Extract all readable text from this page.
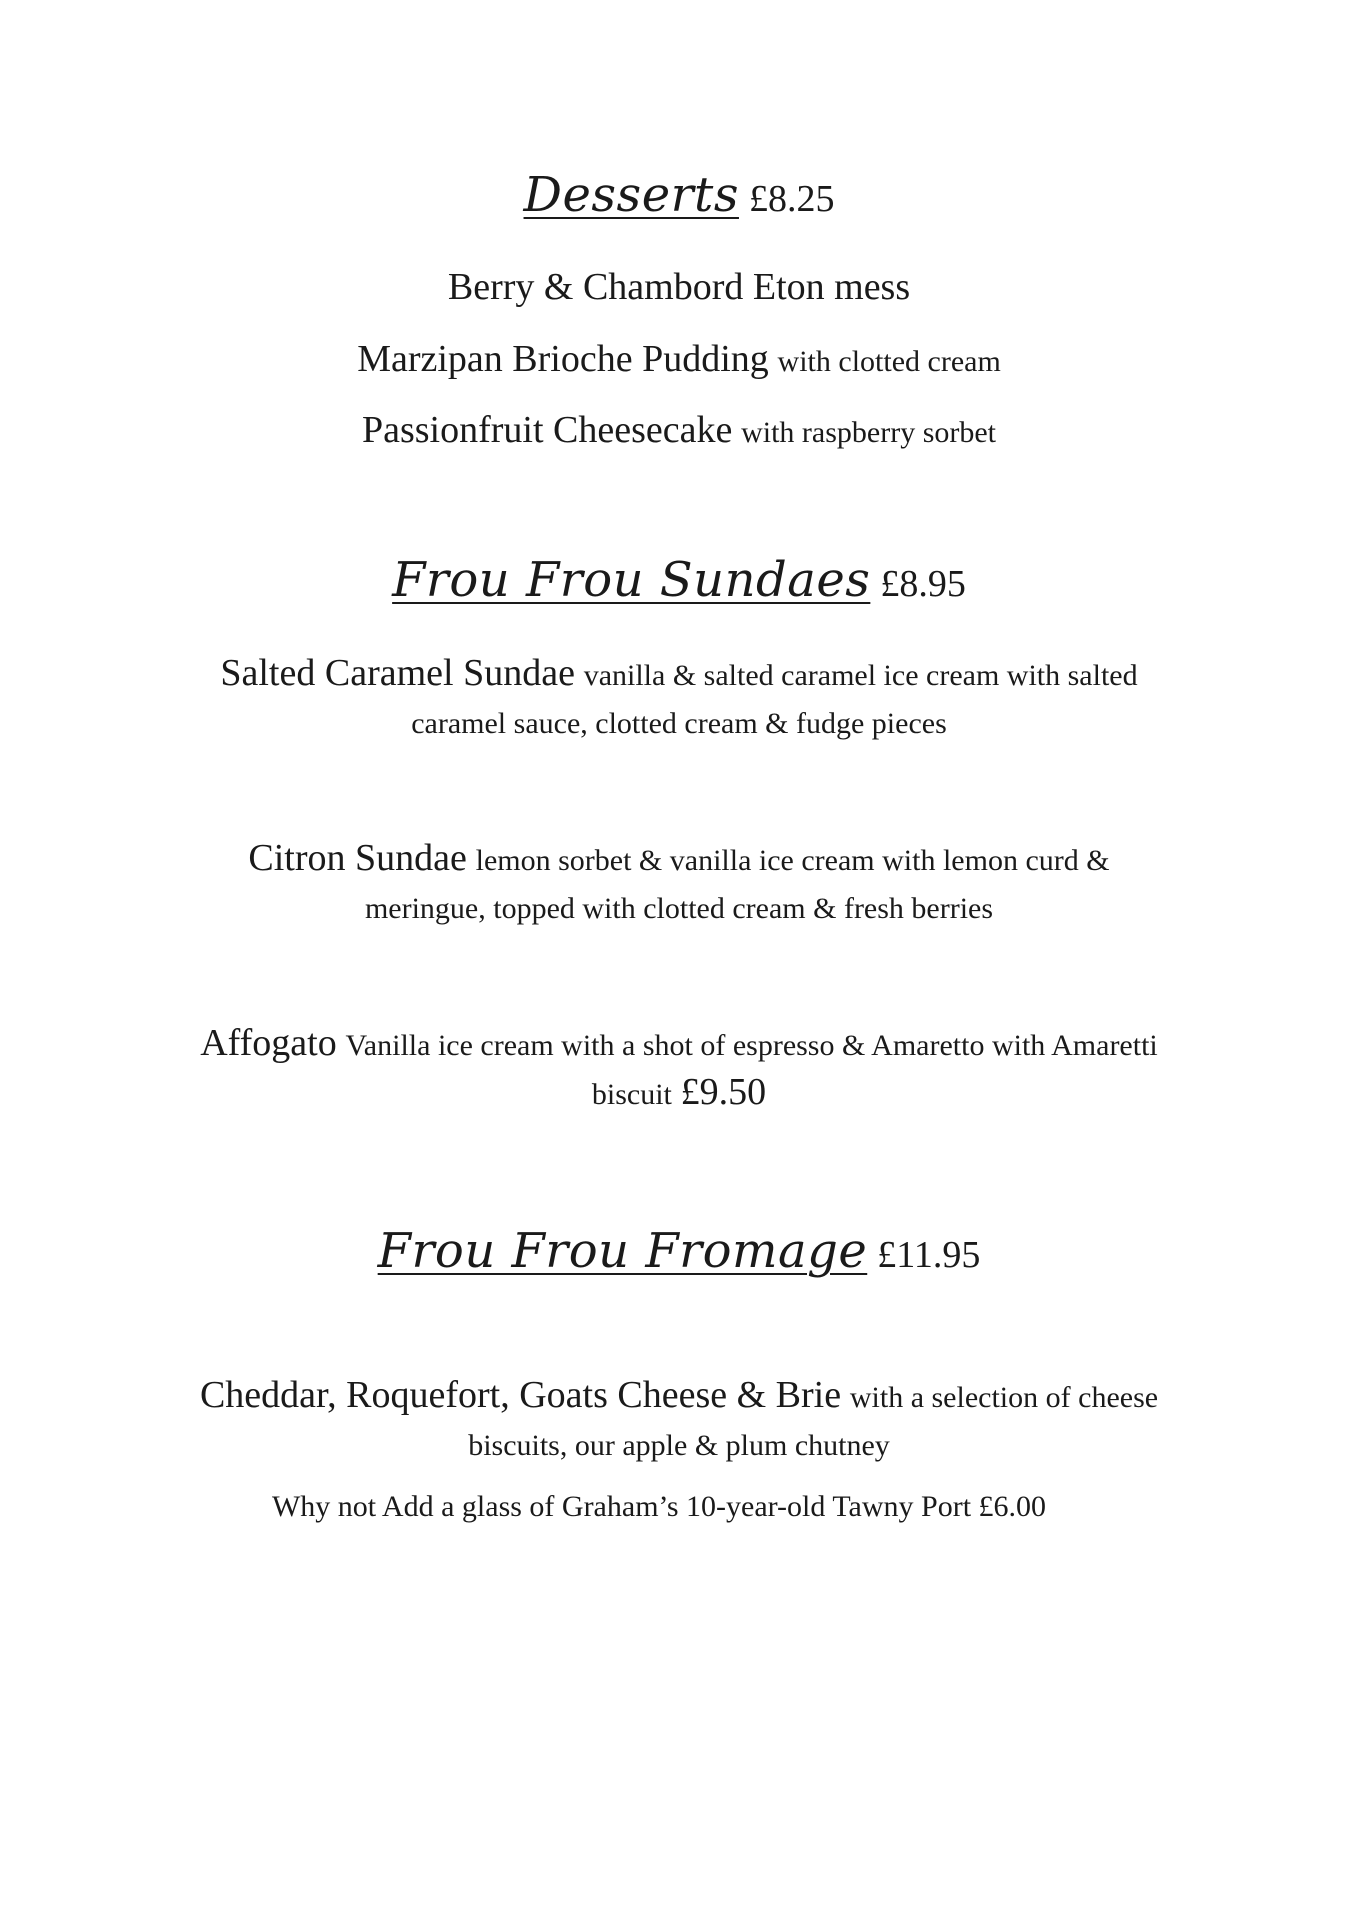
Desserts £8.25
Berry & Chambord Eton mess
Marzipan Brioche Pudding with clotted cream
Passionfruit Cheesecake with raspberry sorbet
Frou Frou Sundaes £8.95
Salted Caramel Sundae vanilla & salted caramel ice cream with salted
caramel sauce, clotted cream & fudge pieces
Citron Sundae lemon sorbet & vanilla ice cream with lemon curd &
meringue, topped with clotted cream & fresh berries
Affogato Vanilla ice cream with a shot of espresso & Amaretto with Amaretti
biscuit £9.50
Frou Frou Fromage £11.95
Cheddar, Roquefort, Goats Cheese & Brie with a selection of cheese
biscuits, our apple & plum chutney
Why not Add a glass of Graham’s 10-year-old Tawny Port £6.00
